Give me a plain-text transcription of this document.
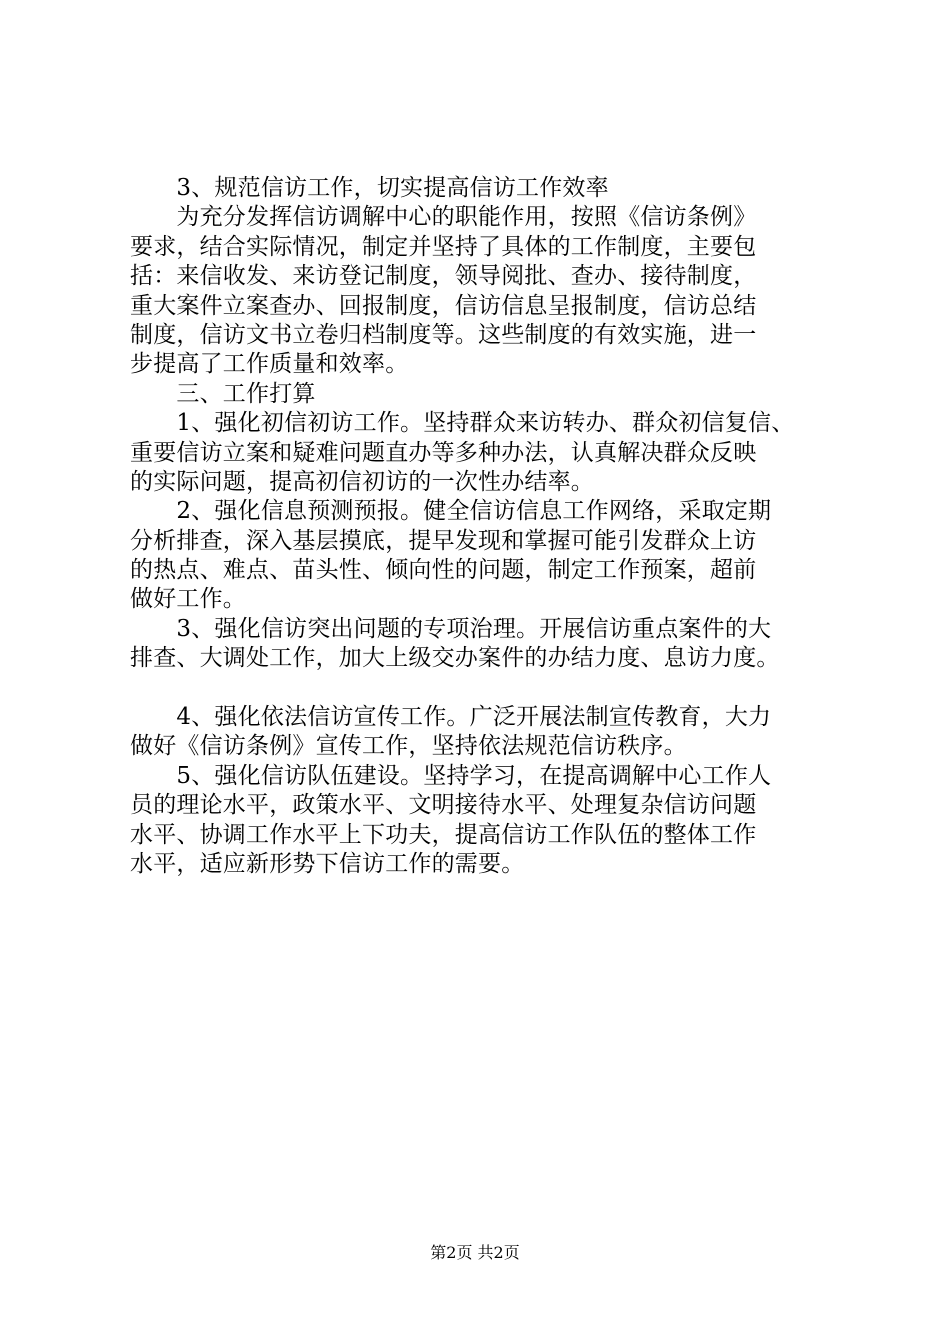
　　3、规范信访工作，切实提高信访工作效率
　　为充分发挥信访调解中心的职能作用，按照《信访条例》
要求，结合实际情况，制定并坚持了具体的工作制度，主要包
括：来信收发、来访登记制度，领导阅批、查办、接待制度，
重大案件立案查办、回报制度，信访信息呈报制度，信访总结
制度，信访文书立卷归档制度等。这些制度的有效实施，进一
步提高了工作质量和效率。
　　三、工作打算
　　1、强化初信初访工作。坚持群众来访转办、群众初信复信、
重要信访立案和疑难问题直办等多种办法，认真解决群众反映
的实际问题，提高初信初访的一次性办结率。
　　2、强化信息预测预报。健全信访信息工作网络，采取定期
分析排查，深入基层摸底，提早发现和掌握可能引发群众上访
的热点、难点、苗头性、倾向性的问题，制定工作预案，超前
做好工作。
　　3、强化信访突出问题的专项治理。开展信访重点案件的大
排查、大调处工作，加大上级交办案件的办结力度、息访力度。
　　4、强化依法信访宣传工作。广泛开展法制宣传教育，大力
做好《信访条例》宣传工作，坚持依法规范信访秩序。
　　5、强化信访队伍建设。坚持学习，在提高调解中心工作人
员的理论水平，政策水平、文明接待水平、处理复杂信访问题
水平、协调工作水平上下功夫，提高信访工作队伍的整体工作
水平，适应新形势下信访工作的需要。
第2页 共2页
